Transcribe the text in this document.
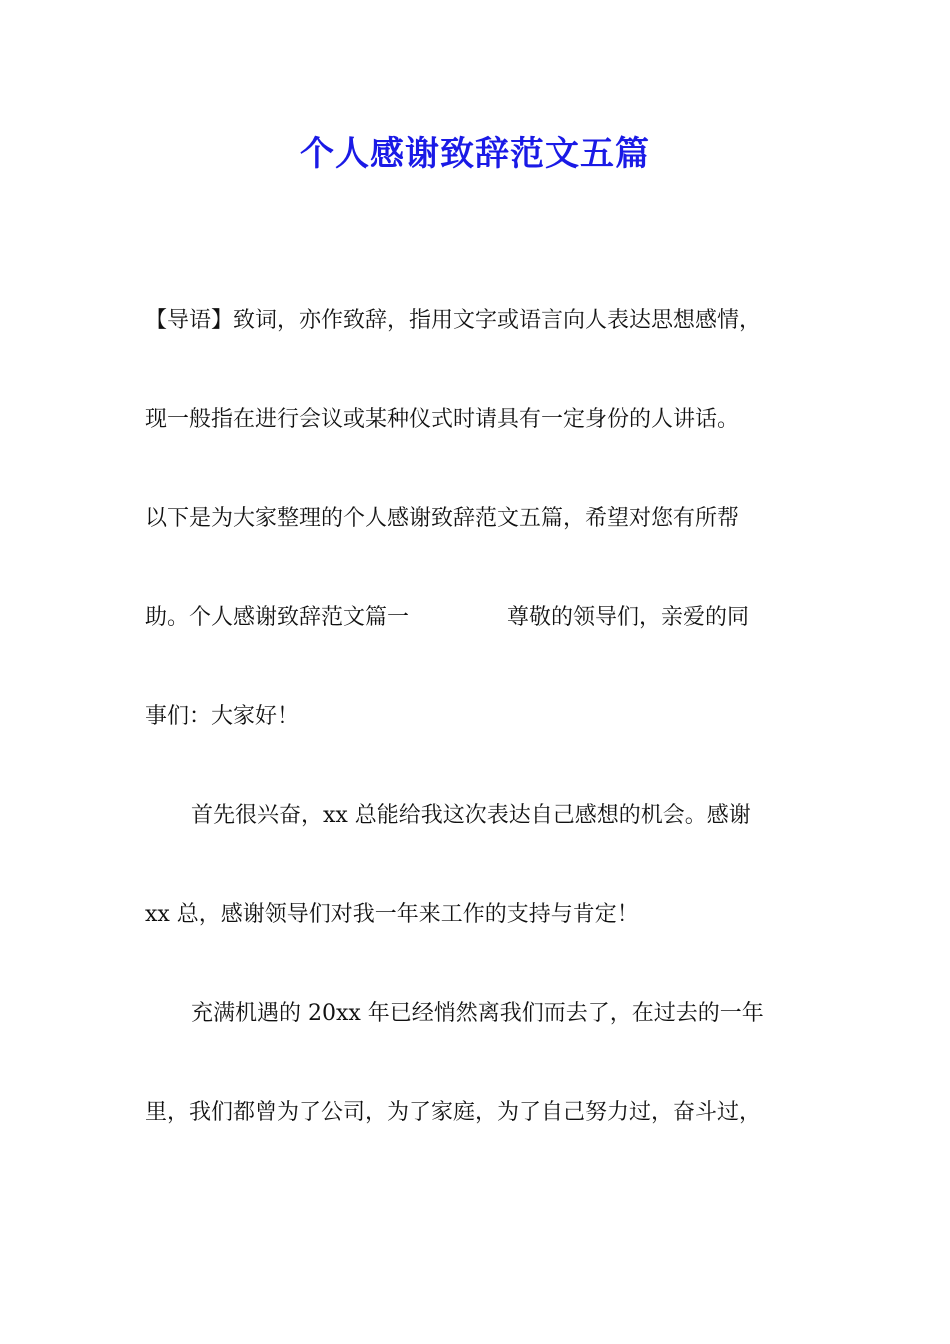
个人感谢致辞范文五篇
【导语】致词，亦作致辞，指用文字或语言向人表达思想感情，
现一般指在进行会议或某种仪式时请具有一定身份的人讲话。
以下是为大家整理的个人感谢致辞范文五篇，希望对您有所帮
助。个人感谢致辞范文篇一	尊敬的领导们，亲爱的同
事们：大家好！
首先很兴奋，xx 总能给我这次表达自己感想的机会。感谢
xx 总，感谢领导们对我一年来工作的支持与肯定！
充满机遇的 20xx 年已经悄然离我们而去了，在过去的一年
里，我们都曾为了公司，为了家庭，为了自己努力过，奋斗过，
